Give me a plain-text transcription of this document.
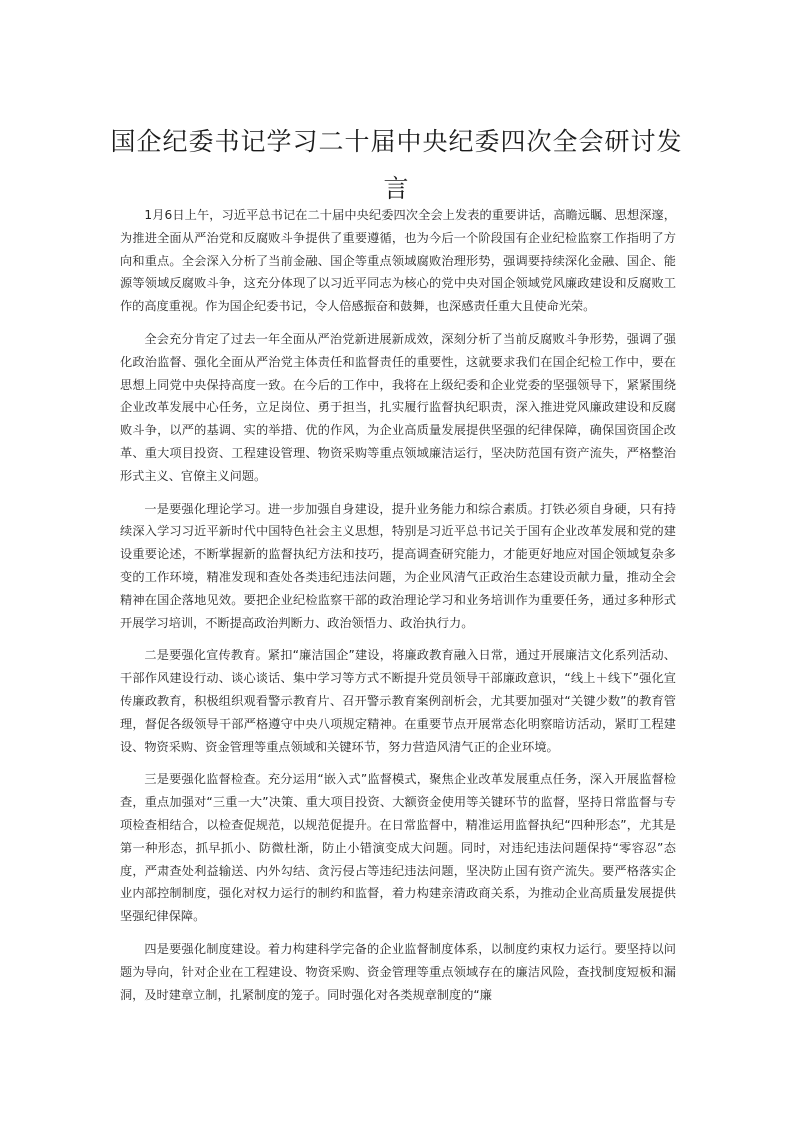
国企纪委书记学习二十届中央纪委四次全会研讨发言

1月6日上午，习近平总书记在二十届中央纪委四次全会上发表的重要讲话，高瞻远瞩、思想深邃，为推进全面从严治党和反腐败斗争提供了重要遵循，也为今后一个阶段国有企业纪检监察工作指明了方向和重点。全会深入分析了当前金融、国企等重点领域腐败治理形势，强调要持续深化金融、国企、能源等领域反腐败斗争，这充分体现了以习近平同志为核心的党中央对国企领域党风廉政建设和反腐败工作的高度重视。作为国企纪委书记，令人倍感振奋和鼓舞，也深感责任重大且使命光荣。

全会充分肯定了过去一年全面从严治党新进展新成效，深刻分析了当前反腐败斗争形势，强调了强化政治监督、强化全面从严治党主体责任和监督责任的重要性，这就要求我们在国企纪检工作中，要在思想上同党中央保持高度一致。在今后的工作中，我将在上级纪委和企业党委的坚强领导下，紧紧围绕企业改革发展中心任务，立足岗位、勇于担当，扎实履行监督执纪职责，深入推进党风廉政建设和反腐败斗争，以严的基调、实的举措、优的作风，为企业高质量发展提供坚强的纪律保障，确保国资国企改革、重大项目投资、工程建设管理、物资采购等重点领域廉洁运行，坚决防范国有资产流失，严格整治形式主义、官僚主义问题。

一是要强化理论学习。进一步加强自身建设，提升业务能力和综合素质。打铁必须自身硬，只有持续深入学习习近平新时代中国特色社会主义思想，特别是习近平总书记关于国有企业改革发展和党的建设重要论述，不断掌握新的监督执纪方法和技巧，提高调查研究能力，才能更好地应对国企领域复杂多变的工作环境，精准发现和查处各类违纪违法问题，为企业风清气正政治生态建设贡献力量，推动全会精神在国企落地见效。要把企业纪检监察干部的政治理论学习和业务培训作为重要任务，通过多种形式开展学习培训，不断提高政治判断力、政治领悟力、政治执行力。

二是要强化宣传教育。紧扣“廉洁国企”建设，将廉政教育融入日常，通过开展廉洁文化系列活动、干部作风建设行动、谈心谈话、集中学习等方式不断提升党员领导干部廉政意识，“线上＋线下”强化宣传廉政教育，积极组织观看警示教育片、召开警示教育案例剖析会，尤其要加强对“关键少数”的教育管理，督促各级领导干部严格遵守中央八项规定精神。在重要节点开展常态化明察暗访活动，紧盯工程建设、物资采购、资金管理等重点领域和关键环节，努力营造风清气正的企业环境。

三是要强化监督检查。充分运用“嵌入式”监督模式，聚焦企业改革发展重点任务，深入开展监督检查，重点加强对“三重一大”决策、重大项目投资、大额资金使用等关键环节的监督，坚持日常监督与专项检查相结合，以检查促规范，以规范促提升。在日常监督中，精准运用监督执纪“四种形态”，尤其是第一种形态，抓早抓小、防微杜渐，防止小错演变成大问题。同时，对违纪违法问题保持“零容忍”态度，严肃查处利益输送、内外勾结、贪污侵占等违纪违法问题，坚决防止国有资产流失。要严格落实企业内部控制制度，强化对权力运行的制约和监督，着力构建亲清政商关系，为推动企业高质量发展提供坚强纪律保障。

四是要强化制度建设。着力构建科学完备的企业监督制度体系，以制度约束权力运行。要坚持以问题为导向，针对企业在工程建设、物资采购、资金管理等重点领域存在的廉洁风险，查找制度短板和漏洞，及时建章立制，扎紧制度的笼子。同时强化对各类规章制度的“廉
